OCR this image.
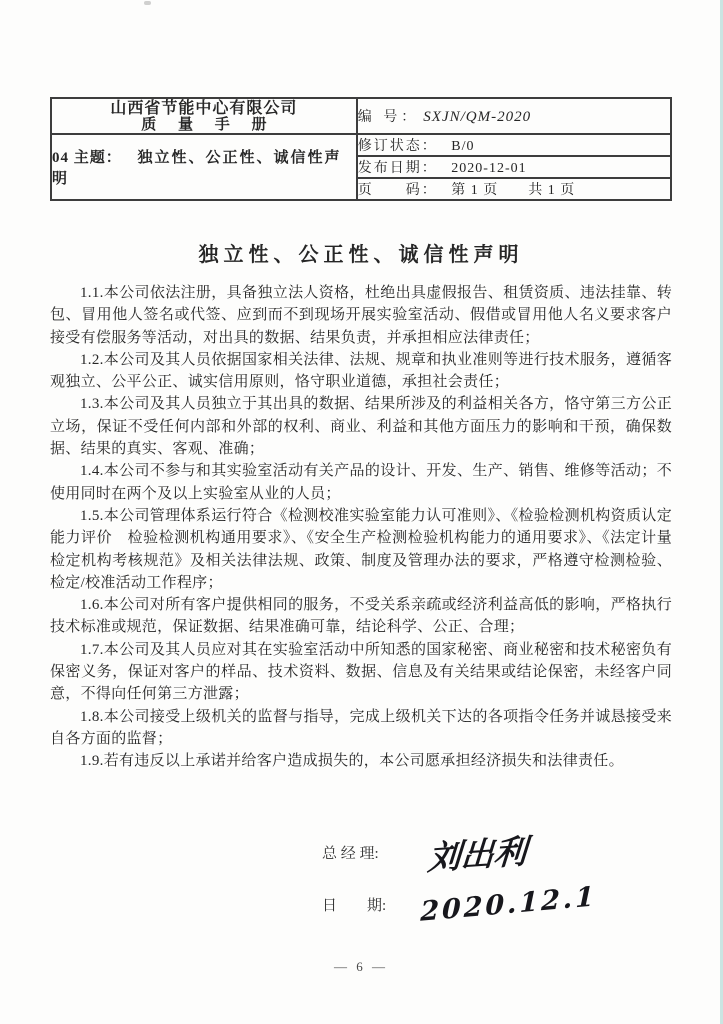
山西省节能中心有限公司
质 量 手 册	编 号： SXJN/QM-2020
04 主题： 独立性、公正性、诚信性声明	修订状态： B/0
	发布日期： 2020-12-01
	页　　码： 第 1 页　　共 1 页
独立性、公正性、诚信性声明

1.1.本公司依法注册，具备独立法人资格，杜绝出具虚假报告、租赁资质、违法挂靠、转包、冒用他人签名或代签、应到而不到现场开展实验室活动、假借或冒用他人名义要求客户接受有偿服务等活动，对出具的数据、结果负责，并承担相应法律责任；

1.2.本公司及其人员依据国家相关法律、法规、规章和执业准则等进行技术服务，遵循客观独立、公平公正、诚实信用原则，恪守职业道德，承担社会责任；

1.3.本公司及其人员独立于其出具的数据、结果所涉及的利益相关各方，恪守第三方公正立场，保证不受任何内部和外部的权利、商业、利益和其他方面压力的影响和干预，确保数据、结果的真实、客观、准确；

1.4.本公司不参与和其实验室活动有关产品的设计、开发、生产、销售、维修等活动；不使用同时在两个及以上实验室从业的人员；

1.5.本公司管理体系运行符合《检测校准实验室能力认可准则》、《检验检测机构资质认定能力评价　检验检测机构通用要求》、《安全生产检测检验机构能力的通用要求》、《法定计量检定机构考核规范》及相关法律法规、政策、制度及管理办法的要求，严格遵守检测检验、检定/校准活动工作程序；

1.6.本公司对所有客户提供相同的服务，不受关系亲疏或经济利益高低的影响，严格执行技术标准或规范，保证数据、结果准确可靠，结论科学、公正、合理；

1.7.本公司及其人员应对其在实验室活动中所知悉的国家秘密、商业秘密和技术秘密负有保密义务，保证对客户的样品、技术资料、数据、信息及有关结果或结论保密，未经客户同意，不得向任何第三方泄露；

1.8.本公司接受上级机关的监督与指导，完成上级机关下达的各项指令任务并诚恳接受来自各方面的监督；

1.9.若有违反以上承诺并给客户造成损失的，本公司愿承担经济损失和法律责任。

总 经 理:	刘出利
日　　期:	2020.12.1
— 6 —
